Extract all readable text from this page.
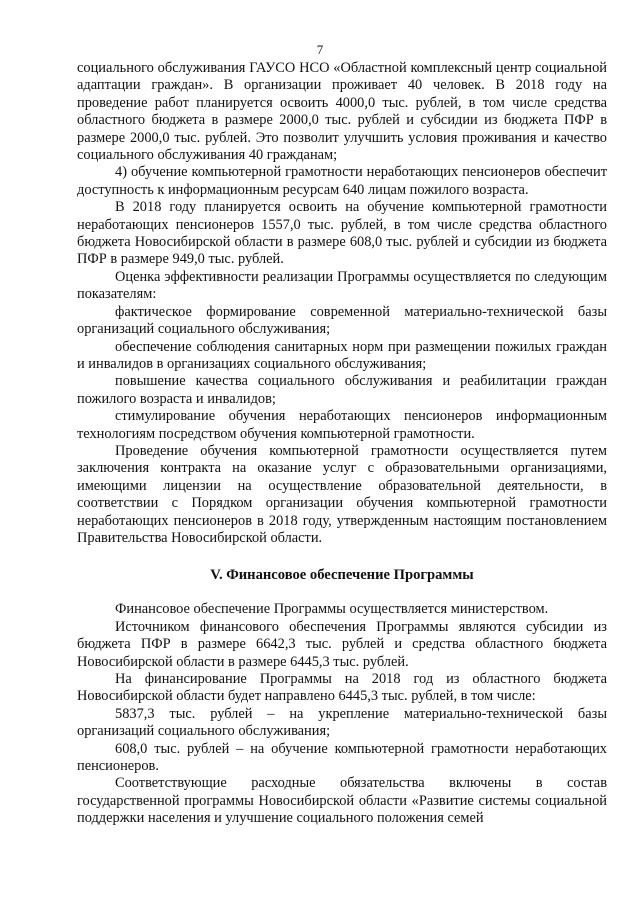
7

социального обслуживания ГАУСО НСО «Областной комплексный центр социальной адаптации граждан». В организации проживает 40 человек. В 2018 году на проведение работ планируется освоить 4000,0 тыс. рублей, в том числе средства областного бюджета в размере 2000,0 тыс. рублей и субсидии из бюджета ПФР в размере 2000,0 тыс. рублей. Это позволит улучшить условия проживания и качество социального обслуживания 40 гражданам;

4) обучение компьютерной грамотности неработающих пенсионеров обеспечит доступность к информационным ресурсам 640 лицам пожилого возраста.

В 2018 году планируется освоить на обучение компьютерной грамотности неработающих пенсионеров 1557,0 тыс. рублей, в том числе средства областного бюджета Новосибирской области в размере 608,0 тыс. рублей и субсидии из бюджета ПФР в размере 949,0 тыс. рублей.

Оценка эффективности реализации Программы осуществляется по следующим показателям:

фактическое формирование современной материально-технической базы организаций социального обслуживания;

обеспечение соблюдения санитарных норм при размещении пожилых граждан и инвалидов в организациях социального обслуживания;

повышение качества социального обслуживания и реабилитации граждан пожилого возраста и инвалидов;

стимулирование обучения неработающих пенсионеров информационным технологиям посредством обучения компьютерной грамотности.

Проведение обучения компьютерной грамотности осуществляется путем заключения контракта на оказание услуг с образовательными организациями, имеющими лицензии на осуществление образовательной деятельности, в соответствии с Порядком организации обучения компьютерной грамотности неработающих пенсионеров в 2018 году, утвержденным настоящим постановлением Правительства Новосибирской области.

V. Финансовое обеспечение Программы

Финансовое обеспечение Программы осуществляется министерством.

Источником финансового обеспечения Программы являются субсидии из бюджета ПФР в размере 6642,3 тыс. рублей и средства областного бюджета Новосибирской области в размере 6445,3 тыс. рублей.

На финансирование Программы на 2018 год из областного бюджета Новосибирской области будет направлено 6445,3 тыс. рублей, в том числе:

5837,3 тыс. рублей – на укрепление материально-технической базы организаций социального обслуживания;

608,0 тыс. рублей – на обучение компьютерной грамотности неработающих пенсионеров.

Соответствующие расходные обязательства включены в состав государственной программы Новосибирской области «Развитие системы социальной поддержки населения и улучшение социального положения семей
